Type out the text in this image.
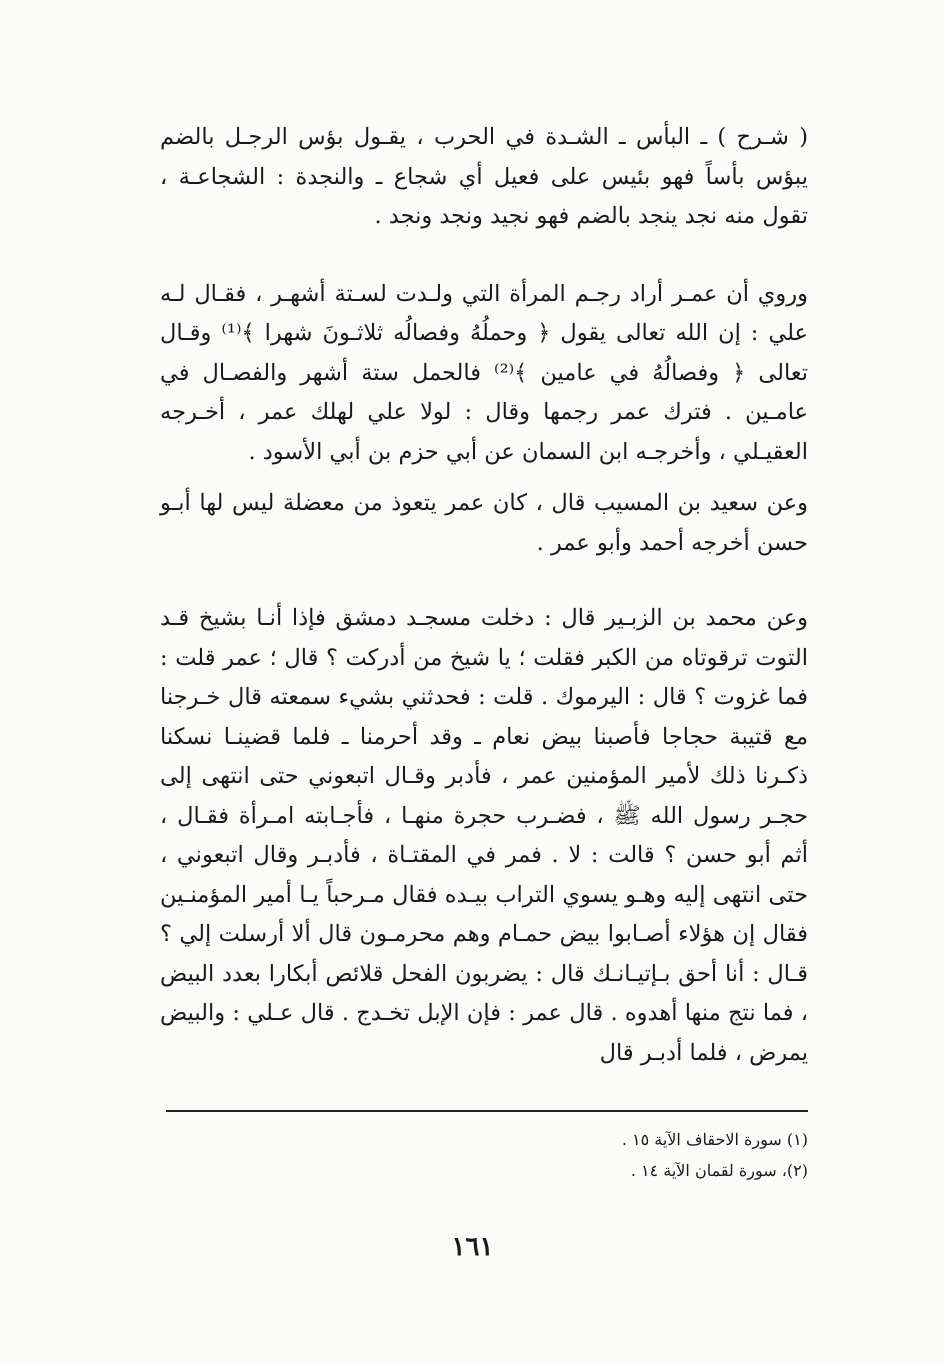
( شـرح ) ـ البأس ـ الشـدة في الحرب ، يقـول بؤس الرجـل بالضم يبؤس بأساً فهو بئيس على فعيل أي شجاع ـ والنجدة : الشجاعـة ، تقول منه نجد ينجد بالضم فهو نجيد ونجد ونجد .

وروي أن عمـر أراد رجـم المرأة التي ولـدت لسـتة أشهـر ، فقـال لـه علي : إن الله تعالى يقول ﴿ وحملُهُ وفصالُه ثلاثـونَ شهرا ﴾⁽¹⁾ وقـال تعالى ﴿ وفصالُهُ في عامين ﴾⁽²⁾ فالحمل ستة أشهر والفصـال في عامـين . فترك عمر رجمها وقال : لولا علي لهلك عمر ، أخـرجه العقيـلي ، وأخرجـه ابن السمان عن أبي حزم بن أبي الأسود .

وعن سعيد بن المسيب قال ، كان عمر يتعوذ من معضلة ليس لها أبـو حسن أخرجه أحمد وأبو عمر .

وعن محمد بن الزبـير قال : دخلت مسجـد دمشق فإذا أنـا بشيخ قـد التوت ترقوتاه من الكبر فقلت ؛ يا شيخ من أدركت ؟ قال ؛ عمر قلت : فما غزوت ؟ قال : اليرموك . قلت : فحدثني بشيء سمعته قال خـرجنا مع قتيبة حجاجا فأصبنا بيض نعام ـ وقد أحرمنا ـ فلما قضينـا نسكنا ذكـرنا ذلك لأمير المؤمنين عمر ، فأدبر وقـال اتبعوني حتى انتهى إلى حجـر رسول الله ﷺ ، فضـرب حجرة منهـا ، فأجـابته امـرأة فقـال ، أثم أبو حسن ؟ قالت : لا . فمر في المقتـاة ، فأدبـر وقال اتبعوني ، حتى انتهى إليه وهـو يسوي التراب بيـده فقال مـرحباً يـا أمير المؤمنـين فقال إن هؤلاء أصـابوا بيض حمـام وهم محرمـون قال ألا أرسلت إلي ؟ قـال : أنا أحق بـإتيـانـك قال : يضربون الفحل قلائص أبكارا بعدد البيض ، فما نتج منها أهدوه . قال عمر : فإن الإبل تخـدج . قال عـلي : والبيض يمرض ، فلما أدبـر قال

(١) سورة الاحقاف الآية ١٥ .

(٢)، سورة لقمان الآية ١٤ .

١٦١
